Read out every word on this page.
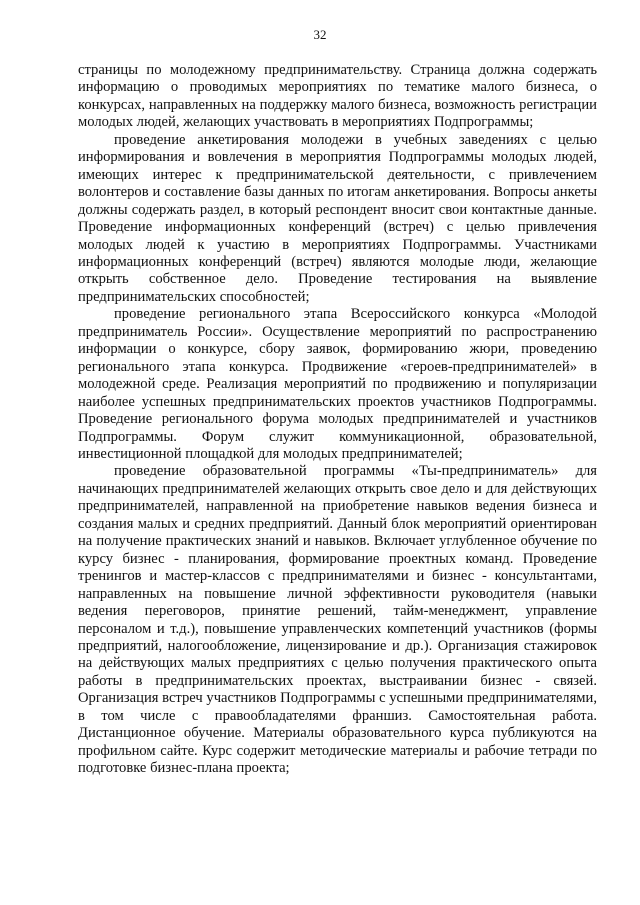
32

страницы по молодежному предпринимательству. Страница должна содержать информацию о проводимых мероприятиях по тематике малого бизнеса, о конкурсах, направленных на поддержку малого бизнеса, возможность регистрации молодых людей, желающих участвовать в мероприятиях Подпрограммы;

проведение анкетирования молодежи в учебных заведениях с целью информирования и вовлечения в мероприятия Подпрограммы молодых людей, имеющих интерес к предпринимательской деятельности, с привлечением волонтеров и составление базы данных по итогам анкетирования. Вопросы анкеты должны содержать раздел, в который респондент вносит свои контактные данные. Проведение информационных конференций (встреч) с целью привлечения молодых людей к участию в мероприятиях Подпрограммы. Участниками информационных конференций (встреч) являются молодые люди, желающие открыть собственное дело. Проведение тестирования на выявление предпринимательских способностей;

проведение регионального этапа Всероссийского конкурса «Молодой предприниматель России». Осуществление мероприятий по распространению информации о конкурсе, сбору заявок, формированию жюри, проведению регионального этапа конкурса. Продвижение «героев-предпринимателей» в молодежной среде. Реализация мероприятий по продвижению и популяризации наиболее успешных предпринимательских проектов участников Подпрограммы. Проведение регионального форума молодых предпринимателей и участников Подпрограммы. Форум служит коммуникационной, образовательной, инвестиционной площадкой для молодых предпринимателей;

проведение образовательной программы «Ты-предприниматель» для начинающих предпринимателей желающих открыть свое дело и для действующих предпринимателей, направленной на приобретение навыков ведения бизнеса и создания малых и средних предприятий. Данный блок мероприятий ориентирован на получение практических знаний и навыков. Включает углубленное обучение по курсу бизнес - планирования, формирование проектных команд. Проведение тренингов и мастер-классов с предпринимателями и бизнес - консультантами, направленных на повышение личной эффективности руководителя (навыки ведения переговоров, принятие решений, тайм-менеджмент, управление персоналом и т.д.), повышение управленческих компетенций участников (формы предприятий, налогообложение, лицензирование и др.). Организация стажировок на действующих малых предприятиях с целью получения практического опыта работы в предпринимательских проектах, выстраивании бизнес - связей. Организация встреч участников Подпрограммы с успешными предпринимателями, в том числе с правообладателями франшиз. Самостоятельная работа. Дистанционное обучение. Материалы образовательного курса публикуются на профильном сайте. Курс содержит методические материалы и рабочие тетради по подготовке бизнес-плана проекта;
